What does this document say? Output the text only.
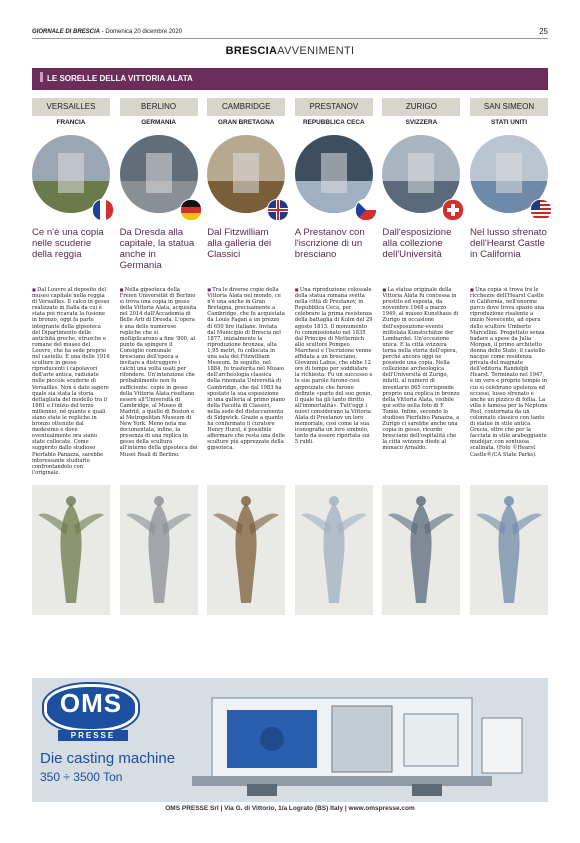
GIORNALE DI BRESCIA - Domenica 20 dicembre 2020	25
BRESCIAAVVENIMENTI
LE SORELLE DELLA VITTORIA ALATA
VERSAILLES
FRANCIA
Ce n'è una copia nelle scuderie della reggia
■ Dal Louvre al deposito del museo capitale nella reggia di Versailles. Il calco in gesso realizzato in Italia da cui è stata poi ricavata la fusione in bronzo, oggi fa parte integrante della gipsoteca del Dipartimento delle antichità greche, etrusche e romane del museo del Louvre, che ha sede proprio nel castello. È una delle 1916 sculture in gesso riproducenti i capolavori dell'arte antica, radunate nelle piccole scuderie di Versailles. Non è dato sapere quale sia stata la storia dettagliata del modello tra il 1861 e l'inizio del terzo millennio, né quante e quali siano state le repliche in bronzo ottenute dal medesimo e dove eventualmente ora siano state collocate. Come suggerito dallo studioso Pierfabio Panazza, sarebbe interessante studiarlo confrontandolo con l'originale.
BERLINO
GERMANIA
Da Dresda alla capitale, la statua anche in Germania
■ Nella gipsoteca della Freien Universität di Berlino si trova una copia in gesso della Vittoria Alata, acquisita nel 2014 dall'Accademia di Belle Arti di Dresda. L'opera è una delle numerose repliche che si moltiplicarono a fine '800, al punto da spingere il Consiglio comunale bresciano dell'epoca a invitare a distruggere i calchi una volta usati per rifondere. Un'intenzione che probabilmente non fu sufficiente: copie in gesso della Vittoria Alata risultano essere all'Università di Cambridge, al Museo di Madrid, a quello di Boston e al Metropolitan Museum di New York. Meno nota ma documentata, infine, la presenza di una replica in gesso della scultura all'interno della gipsoteca dei Musei Reali di Berlino.
CAMBRIDGE
GRAN BRETAGNA
Dal Fitzwilliam alla galleria dei Classici
■ Tra le diverse copie della Vittoria Alata nel mondo, ce n'è una anche in Gran Bretagna, precisamente a Cambridge, che fu acquistata da Louis Fagan a un prezzo di 650 lire italiane. Inviata dal Municipio di Brescia nel 1877, inizialmente la riproduzione bronzea, alta 1,95 metri, fu collocata in una sala del Fitzwilliam Museum. In seguito, nel 1884, fu trasferita nel Museo dell'archeologia classica della rinomata Università di Cambridge, che dal 1983 ha spostato la sua esposizione in una galleria al primo piano della Facoltà di Classici, nella sede del distaccamento di Sidgwick. Grazie a quanto ha confermato il curatore Henry Hurst, è possibile affermare che resta una delle sculture più apprezzate della gipsoteca.
PRESTANOV
REPUBBLICA CECA
A Prestanov con l'iscrizione di un bresciano
■ Una riproduzione colossale della statua romana svetta nella città di Prestanov, in Repubblica Ceca, per celebrare la prima resistenza della battaglia di Kulm del 29 agosto 1813. Il monumento fu commissionato nel 1835 dal Principe di Metternich allo scultore Pompeo Marchesi e l'iscrizione venne affidata a un bresciano, Giovanni Labus, che ebbe 12 ore di tempo per soddisfare la richiesta. Fu un successo e le sue parole furono così apprezzate che furono definite «parto del suo genio, il quale ha gli tanto diritto all'immortalità». Tutt'oggi i nuovi considerano la Vittoria Alata di Prestanov un loro memoriale, così come la sua iconografia un loro simbolo, tanto da essere riportata sui 5 rubli.
ZURIGO
SVIZZERA
Dall'esposizione alla collezione dell'Università
■ La statua originale della Vittoria Alata fu concessa in prestito ed esposta, da novembre 1948 a marzo 1949, al museo Kunsthaus di Zurigo in occasione dell'esposizione-evento intitolata Kunstschätze der Lombardei. Un'eccezione unica. E la città svizzera torna nella storia dell'opera, perché ancora oggi ne possiede una copia. Nella collezione archeologica dell'Università di Zurigo, infatti, al numero di inventario 865 corrisponde proprio una replica in bronzo della Vittoria Alata, visibile qui sotto nella foto di F. Tomio. Infine, secondo lo studioso Pierfabio Panazza, a Zurigo ci sarebbe anche una copia in gesso, ricordo bresciano dell'ospitalità che la città svizzera diede al monaco Arnaldo.
SAN SIMEON
STATI UNITI
Nel lusso sfrenato dell'Hearst Castle in California
■ Una copia si trova tra le ricchezze dell'Hearst Castle in California, nell'enorme parco dove trova spazio una riproduzione risalente a inizio Novecento, ad opera dello scultore Umberto Marcellini. Progettato senza badare a spese da Julia Morgan, il primo architetto donna dello Stato, il castello nacque come residenza privata del magnate dell'editoria Randolph Hearst. Terminato nel 1947, è un vero e proprio tempio in cui si celebrano opulenza ed eccessi, lusso sfrenato e anche un pizzico di follia. La villa è famosa per la Neptune Pool, contornata da un colonnato classico con tanto di statue in stile antica Grecia, oltre che per la facciata in stile arabeggiante mudéjar, con sontuosa scalinata. (Foto ©Hearst Castle®/CA State Parks).
OMS
PRESSE
Die casting machine
350 ÷ 3500 Ton
OMS PRESSE Srl | Via G. di Vittorio, 1/a Lograto (BS) Italy | www.omspresse.com
